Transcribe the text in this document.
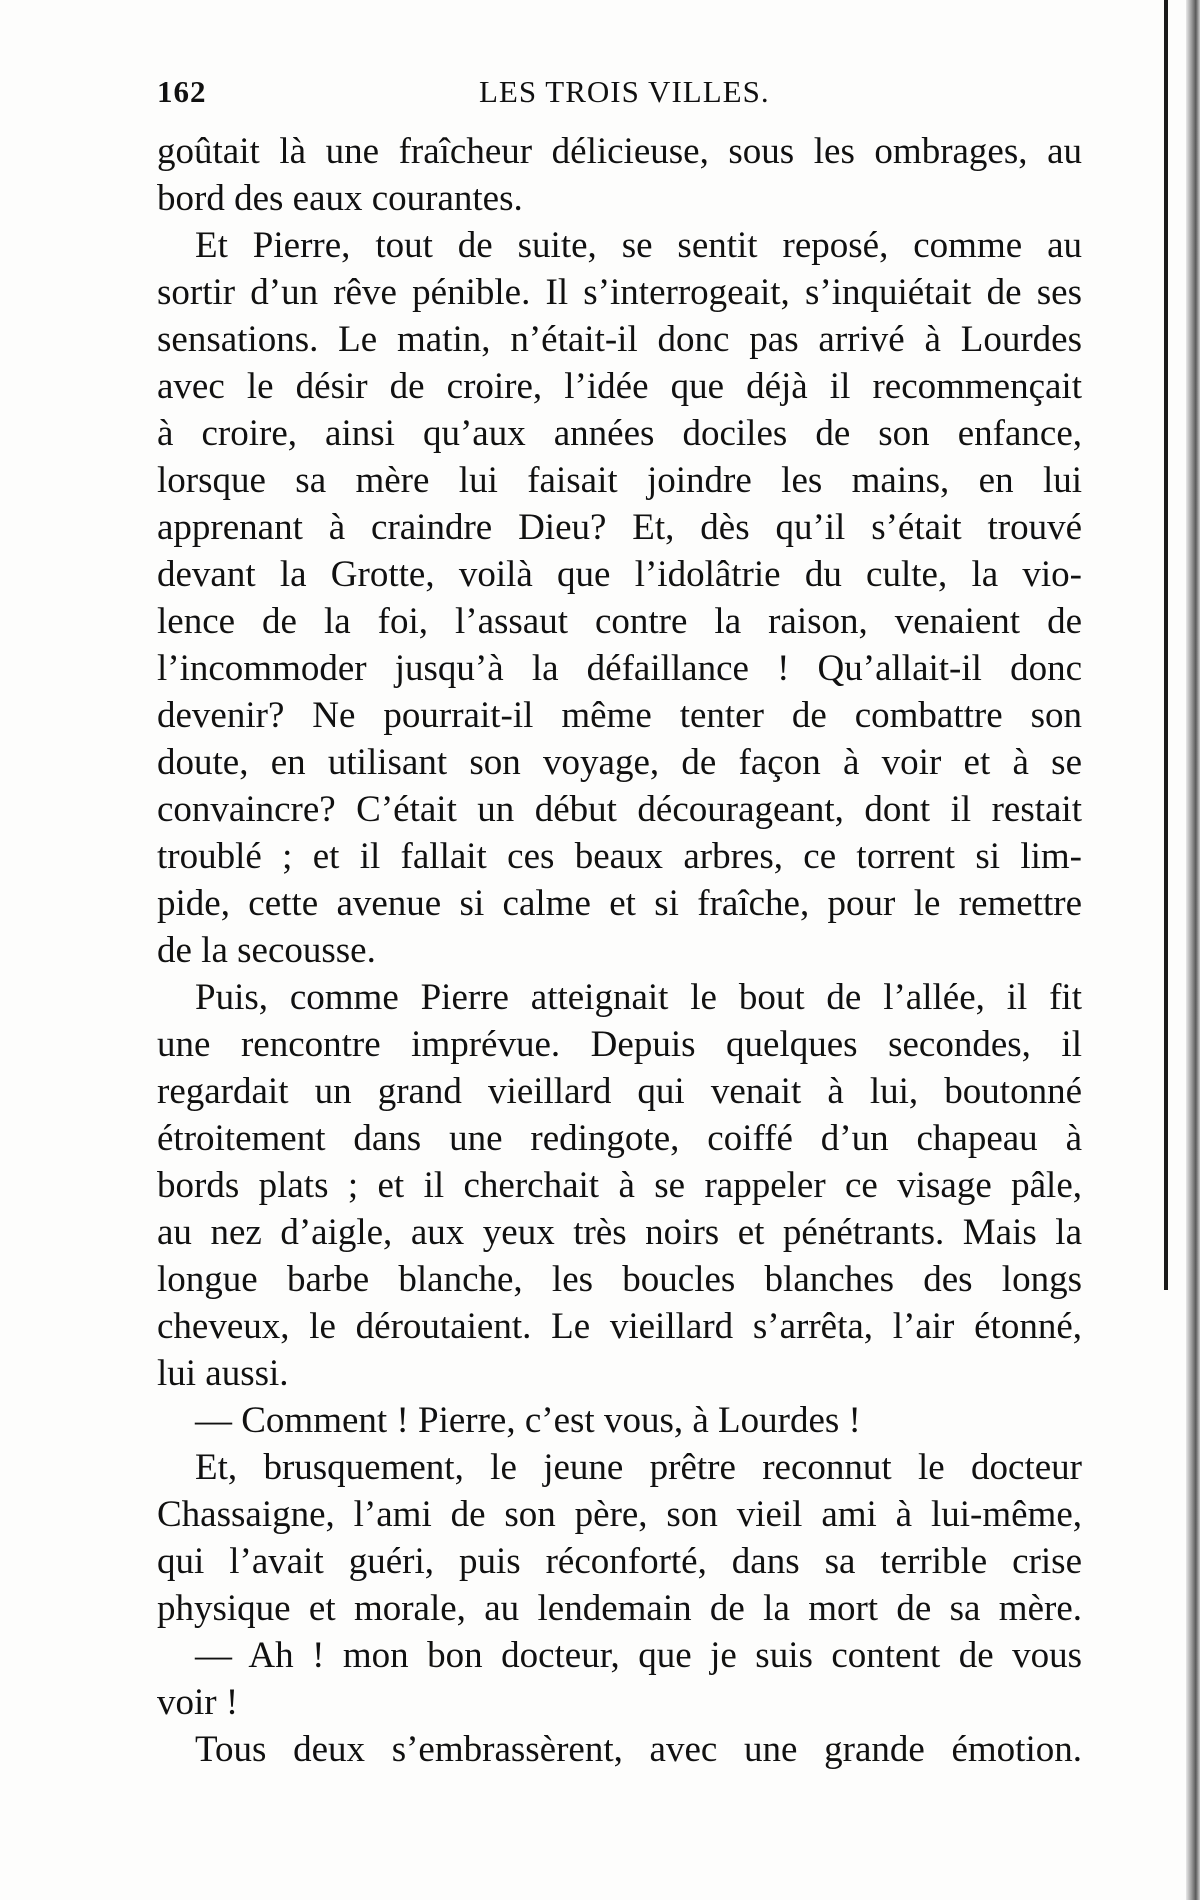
162	LES TROIS VILLES.
goûtait là une fraîcheur délicieuse, sous les ombrages, au
bord des eaux courantes.
Et Pierre, tout de suite, se sentit reposé, comme au
sortir d’un rêve pénible. Il s’interrogeait, s’inquiétait de ses
sensations. Le matin, n’était-il donc pas arrivé à Lourdes
avec le désir de croire, l’idée que déjà il recommençait
à croire, ainsi qu’aux années dociles de son enfance,
lorsque sa mère lui faisait joindre les mains, en lui
apprenant à craindre Dieu? Et, dès qu’il s’était trouvé
devant la Grotte, voilà que l’idolâtrie du culte, la vio-
lence de la foi, l’assaut contre la raison, venaient de
l’incommoder jusqu’à la défaillance ! Qu’allait-il donc
devenir? Ne pourrait-il même tenter de combattre son
doute, en utilisant son voyage, de façon à voir et à se
convaincre? C’était un début décourageant, dont il restait
troublé ; et il fallait ces beaux arbres, ce torrent si lim-
pide, cette avenue si calme et si fraîche, pour le remettre
de la secousse.
Puis, comme Pierre atteignait le bout de l’allée, il fit
une rencontre imprévue. Depuis quelques secondes, il
regardait un grand vieillard qui venait à lui, boutonné
étroitement dans une redingote, coiffé d’un chapeau à
bords plats ; et il cherchait à se rappeler ce visage pâle,
au nez d’aigle, aux yeux très noirs et pénétrants. Mais la
longue barbe blanche, les boucles blanches des longs
cheveux, le déroutaient. Le vieillard s’arrêta, l’air étonné,
lui aussi.
— Comment ! Pierre, c’est vous, à Lourdes !
Et, brusquement, le jeune prêtre reconnut le docteur
Chassaigne, l’ami de son père, son vieil ami à lui-même,
qui l’avait guéri, puis réconforté, dans sa terrible crise
physique et morale, au lendemain de la mort de sa mère.
— Ah ! mon bon docteur, que je suis content de vous
voir !
Tous deux s’embrassèrent, avec une grande émotion.
